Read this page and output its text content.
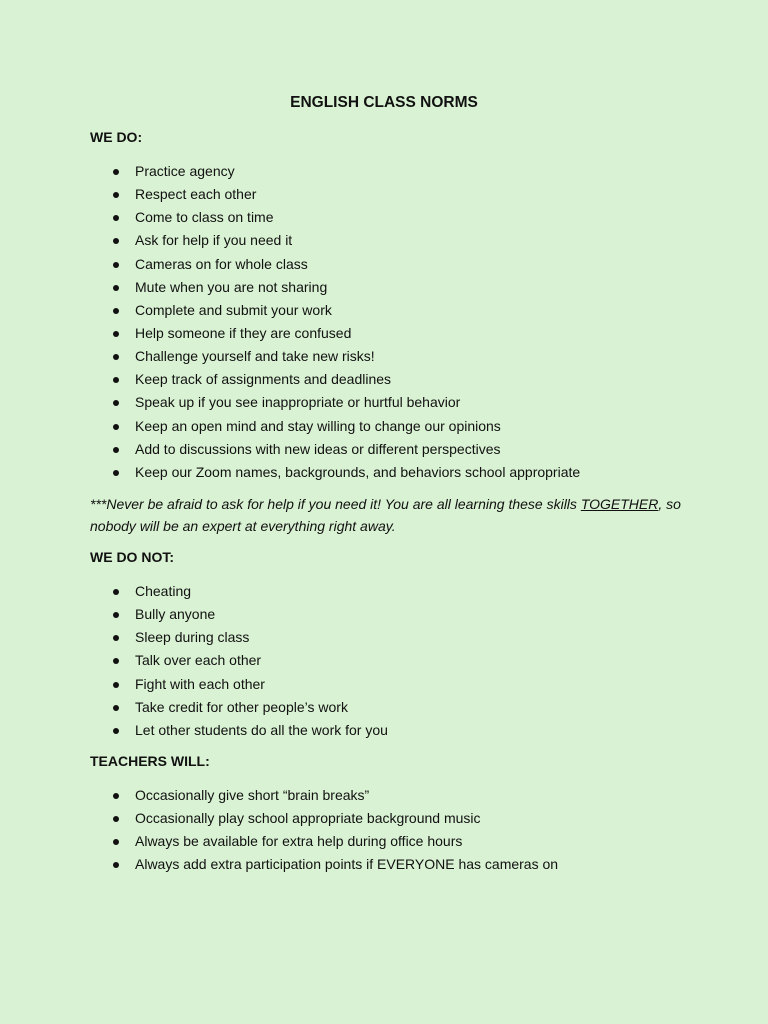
ENGLISH CLASS NORMS
WE DO:
Practice agency
Respect each other
Come to class on time
Ask for help if you need it
Cameras on for whole class
Mute when you are not sharing
Complete and submit your work
Help someone if they are confused
Challenge yourself and take new risks!
Keep track of assignments and deadlines
Speak up if you see inappropriate or hurtful behavior
Keep an open mind and stay willing to change our opinions
Add to discussions with new ideas or different perspectives
Keep our Zoom names, backgrounds, and behaviors school appropriate

***Never be afraid to ask for help if you need it! You are all learning these skills TOGETHER, so nobody will be an expert at everything right away.

WE DO NOT:
Cheating
Bully anyone
Sleep during class
Talk over each other
Fight with each other
Take credit for other people’s work
Let other students do all the work for you
TEACHERS WILL:
Occasionally give short “brain breaks”
Occasionally play school appropriate background music
Always be available for extra help during office hours
Always add extra participation points if EVERYONE has cameras on
